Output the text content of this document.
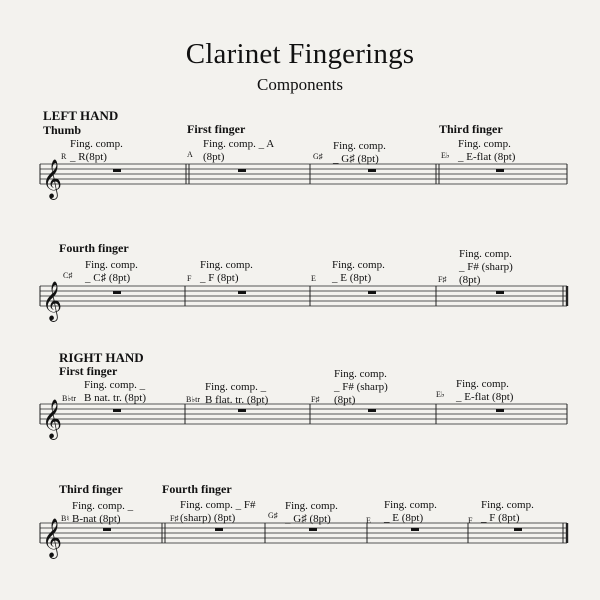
Clarinet Fingerings
Components
𝄞
𝄞
𝄞
𝄞
LEFT HAND
RIGHT HAND
Thumb	First finger	Third finger
Fourth finger
First finger
Third finger	Fourth finger
R
Fing. comp.
_ R(8pt)	A
Fing. comp. _ A
(8pt)	G♯
Fing. comp.
_ G♯ (8pt)	E♭
Fing. comp.
_ E-flat (8pt)
C♯
Fing. comp.
_ C♯ (8pt)	F
Fing. comp.
_ F (8pt)	E
Fing. comp.
_ E (8pt)	F♯
Fing. comp.
_ F# (sharp)
(8pt)
B♭tr
Fing. comp. _
B nat. tr. (8pt)	B♭tr
Fing. comp. _
B flat. tr. (8pt)	F♯
Fing. comp.
_ F# (sharp)
(8pt)	E♭
Fing. comp.
_ E-flat (8pt)
B♮
Fing. comp. _
B-nat (8pt)	F♯
Fing. comp. _ F#
(sharp) (8pt)	G♯
Fing. comp.
_ G♯ (8pt)	E
Fing. comp.
_ E (8pt)	F
Fing. comp.
_ F (8pt)
